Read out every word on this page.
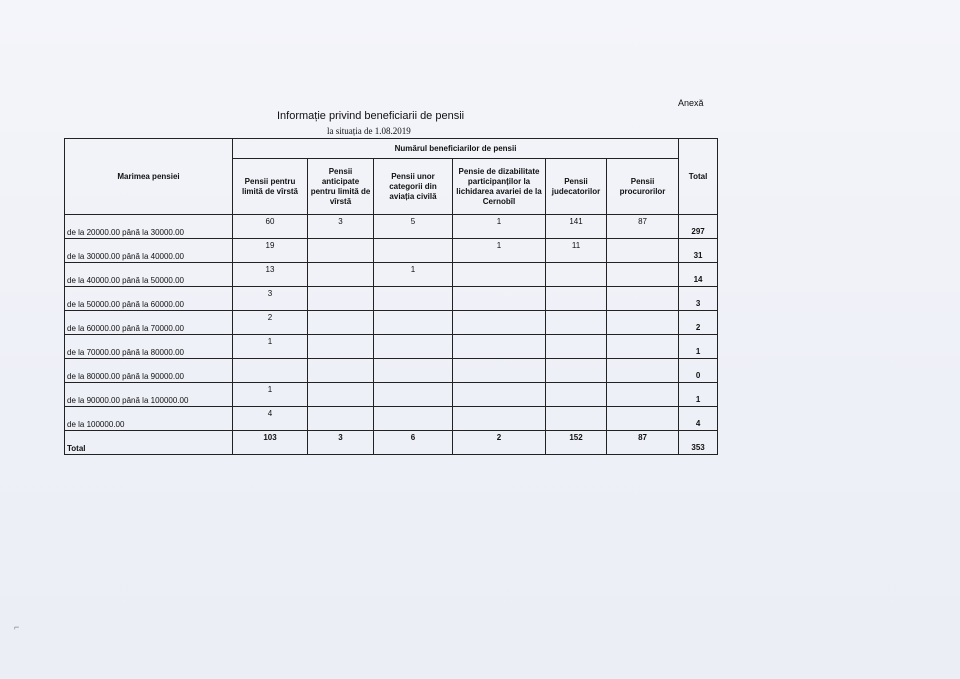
Anexă
Informație privind beneficiarii de pensii
la situația de 1.08.2019
Marimea pensiei	Numărul beneficiarilor de pensii						Total
	Pensii pentru limită de vîrstă	Pensii anticipate pentru limită de vîrstă	Pensii unor categorii din aviația civilă	Pensie de dizabilitate participanților la lichidarea avariei de la Cernobîl	Pensii judecatorilor	Pensii procurorilor	
de la 20000.00 până la 30000.00	60	3	5	1	141	87	297
de la 30000.00 până la 40000.00	19			1	11		31
de la 40000.00 până la 50000.00	13		1				14
de la 50000.00 până la 60000.00	3						3
de la 60000.00 până la 70000.00	2						2
de la 70000.00 până la 80000.00	1						1
de la 80000.00 până la 90000.00							0
de la 90000.00 până la 100000.00	1						1
de la 100000.00	4						4
Total	103	3	6	2	152	87	353
⌐
